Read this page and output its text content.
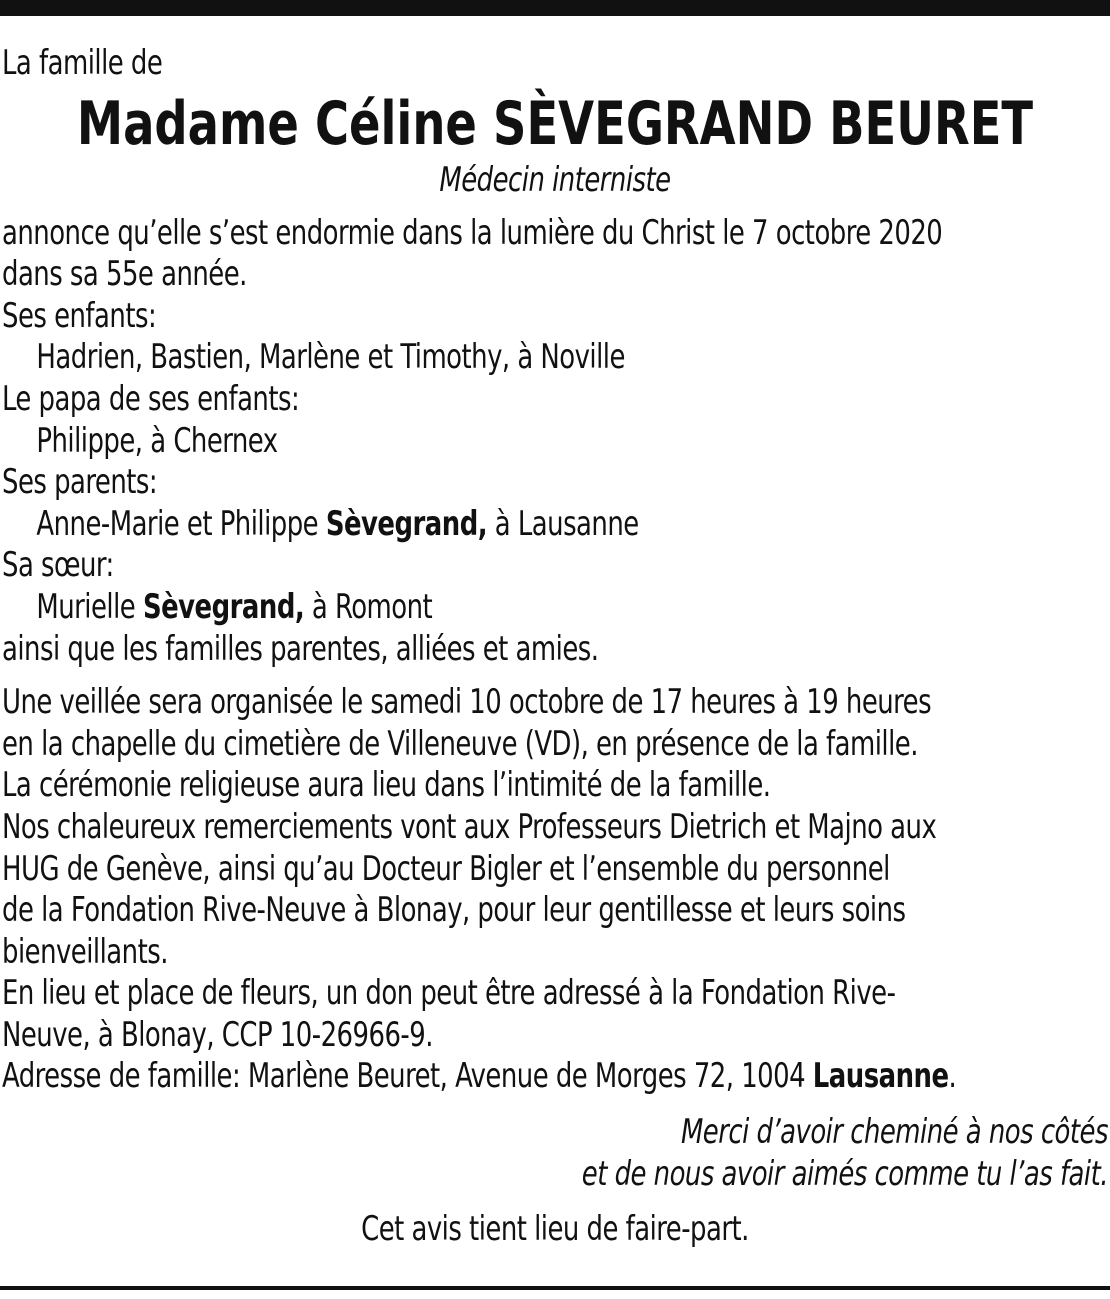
La famille de
Madame Céline SÈVEGRAND BEURET
Médecin interniste
annonce qu’elle s’est endormie dans la lumière du Christ le 7 octobre 2020
dans sa 55e année.
Ses enfants:
Hadrien, Bastien, Marlène et Timothy, à Noville
Le papa de ses enfants:
Philippe, à Chernex
Ses parents:
Anne-Marie et Philippe Sèvegrand, à Lausanne
Sa sœur:
Murielle Sèvegrand, à Romont
ainsi que les familles parentes, alliées et amies.
Une veillée sera organisée le samedi 10 octobre de 17 heures à 19 heures
en la chapelle du cimetière de Villeneuve (VD), en présence de la famille.
La cérémonie religieuse aura lieu dans l’intimité de la famille.
Nos chaleureux remerciements vont aux Professeurs Dietrich et Majno aux
HUG de Genève, ainsi qu’au Docteur Bigler et l’ensemble du personnel
de la Fondation Rive-Neuve à Blonay, pour leur gentillesse et leurs soins
bienveillants.
En lieu et place de fleurs, un don peut être adressé à la Fondation Rive-
Neuve, à Blonay, CCP 10-26966-9.
Adresse de famille: Marlène Beuret, Avenue de Morges 72, 1004 Lausanne.
Merci d’avoir cheminé à nos côtés
et de nous avoir aimés comme tu l’as fait.
Cet avis tient lieu de faire-part.
